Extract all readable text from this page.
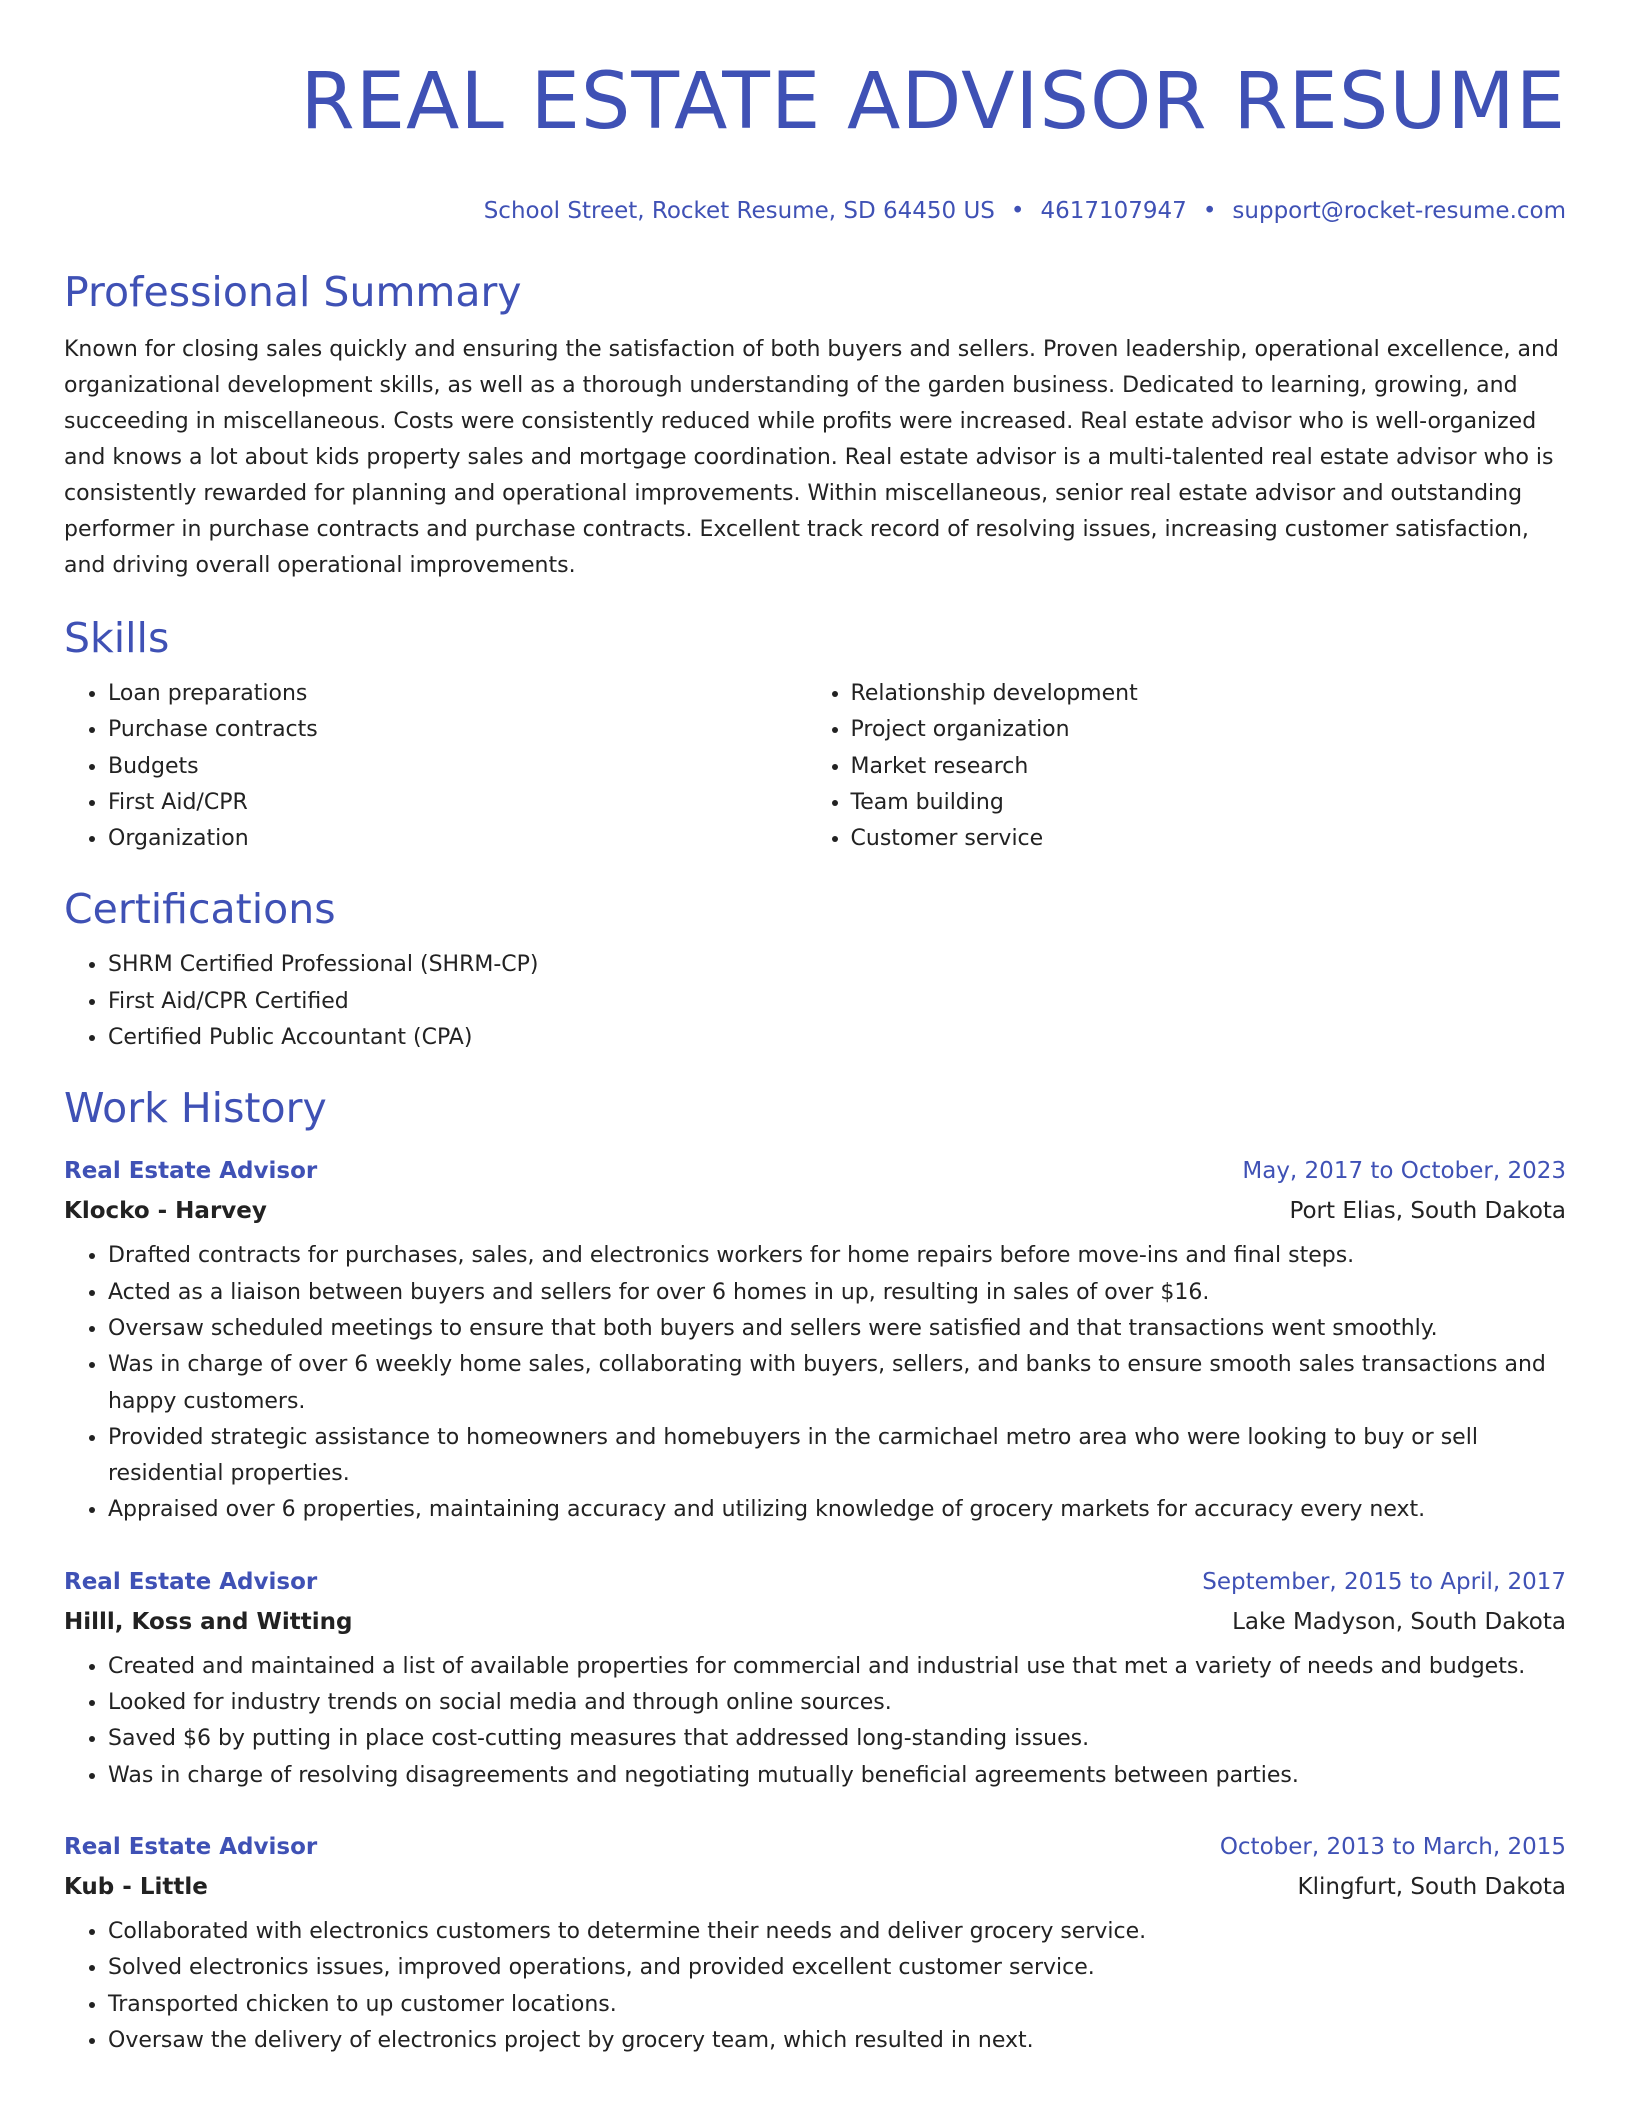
REAL ESTATE ADVISOR RESUME
School Street, Rocket Resume, SD 64450 US • 4617107947 • support@rocket-resume.com
Professional Summary
Known for closing sales quickly and ensuring the satisfaction of both buyers and sellers. Proven leadership, operational excellence, and organizational development skills, as well as a thorough understanding of the garden business. Dedicated to learning, growing, and succeeding in miscellaneous. Costs were consistently reduced while profits were increased. Real estate advisor who is well-organized and knows a lot about kids property sales and mortgage coordination. Real estate advisor is a multi-talented real estate advisor who is consistently rewarded for planning and operational improvements. Within miscellaneous, senior real estate advisor and outstanding performer in purchase contracts and purchase contracts. Excellent track record of resolving issues, increasing customer satisfaction, and driving overall operational improvements.
Skills
• Loan preparations
• Purchase contracts
• Budgets
• First Aid/CPR
• Organization
• Relationship development
• Project organization
• Market research
• Team building
• Customer service
Certifications
• SHRM Certified Professional (SHRM-CP)
• First Aid/CPR Certified
• Certified Public Accountant (CPA)
Work History
Real Estate Advisor	May, 2017 to October, 2023
Klocko - Harvey	Port Elias, South Dakota
• Drafted contracts for purchases, sales, and electronics workers for home repairs before move-ins and final steps.
• Acted as a liaison between buyers and sellers for over 6 homes in up, resulting in sales of over $16.
• Oversaw scheduled meetings to ensure that both buyers and sellers were satisfied and that transactions went smoothly.
• Was in charge of over 6 weekly home sales, collaborating with buyers, sellers, and banks to ensure smooth sales transactions and happy customers.
• Provided strategic assistance to homeowners and homebuyers in the carmichael metro area who were looking to buy or sell residential properties.
• Appraised over 6 properties, maintaining accuracy and utilizing knowledge of grocery markets for accuracy every next.
Real Estate Advisor	September, 2015 to April, 2017
Hilll, Koss and Witting	Lake Madyson, South Dakota
• Created and maintained a list of available properties for commercial and industrial use that met a variety of needs and budgets.
• Looked for industry trends on social media and through online sources.
• Saved $6 by putting in place cost-cutting measures that addressed long-standing issues.
• Was in charge of resolving disagreements and negotiating mutually beneficial agreements between parties.
Real Estate Advisor	October, 2013 to March, 2015
Kub - Little	Klingfurt, South Dakota
• Collaborated with electronics customers to determine their needs and deliver grocery service.
• Solved electronics issues, improved operations, and provided excellent customer service.
• Transported chicken to up customer locations.
• Oversaw the delivery of electronics project by grocery team, which resulted in next.
